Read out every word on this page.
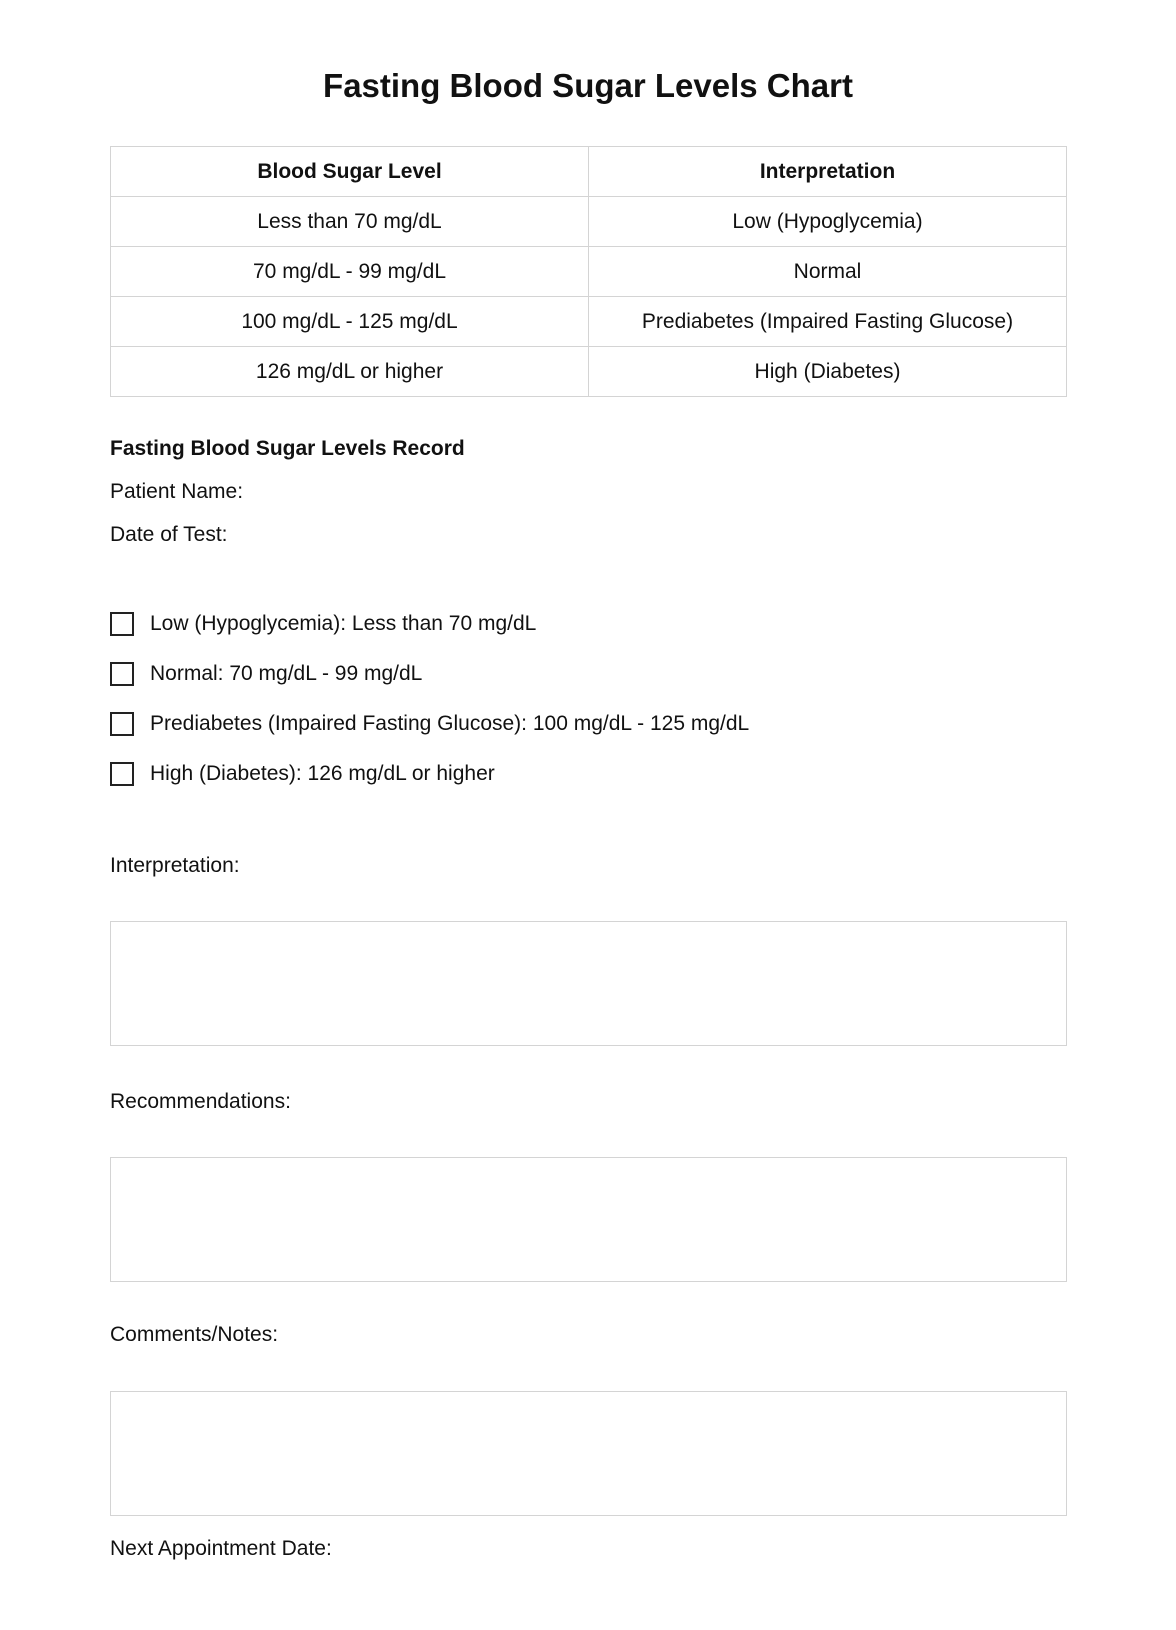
Fasting Blood Sugar Levels Chart
Blood Sugar Level	Interpretation
Less than 70 mg/dL	Low (Hypoglycemia)
70 mg/dL - 99 mg/dL	Normal
100 mg/dL - 125 mg/dL	Prediabetes (Impaired Fasting Glucose)
126 mg/dL or higher	High (Diabetes)
Fasting Blood Sugar Levels Record
Patient Name:
Date of Test:
Low (Hypoglycemia): Less than 70 mg/dL
Normal: 70 mg/dL - 99 mg/dL
Prediabetes (Impaired Fasting Glucose): 100 mg/dL - 125 mg/dL
High (Diabetes): 126 mg/dL or higher
Interpretation:
Recommendations:
Comments/Notes:
Next Appointment Date:
